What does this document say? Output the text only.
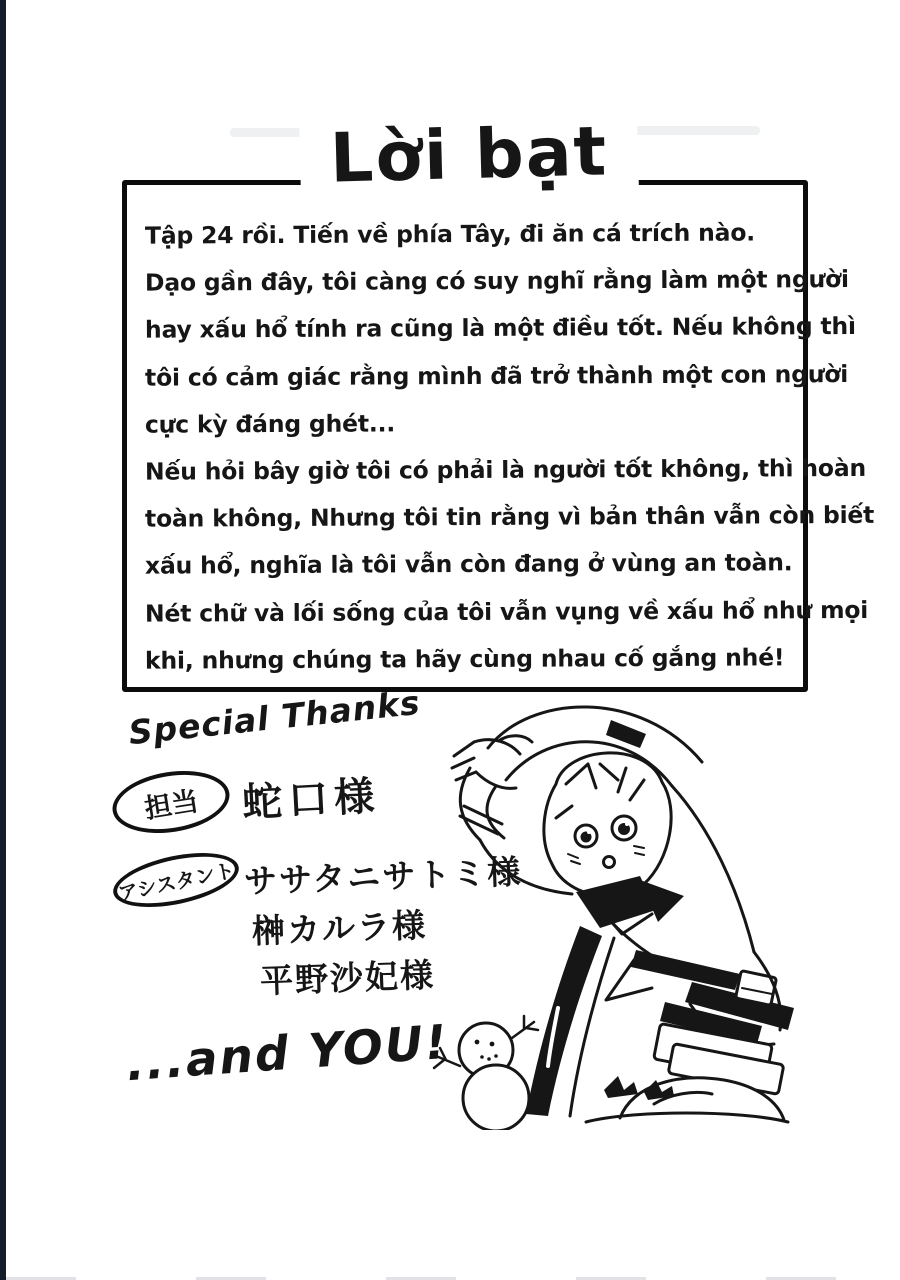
Lời bạt
Tập 24 rồi. Tiến về phía Tây, đi ăn cá trích nào.
Dạo gần đây, tôi càng có suy nghĩ rằng làm một người
hay xấu hổ tính ra cũng là một điều tốt. Nếu không thì
tôi có cảm giác rằng mình đã trở thành một con người
cực kỳ đáng ghét...
Nếu hỏi bây giờ tôi có phải là người tốt không, thì hoàn
toàn không, Nhưng tôi tin rằng vì bản thân vẫn còn biết
xấu hổ, nghĩa là tôi vẫn còn đang ở vùng an toàn.
Nét chữ và lối sống của tôi vẫn vụng về xấu hổ như mọi
khi, nhưng chúng ta hãy cùng nhau cố gắng nhé!
Special Thanks
担当	蛇口様
アシスタント ササタニサトミ様
榊カルラ様
平野沙妃様
...and YOU!
